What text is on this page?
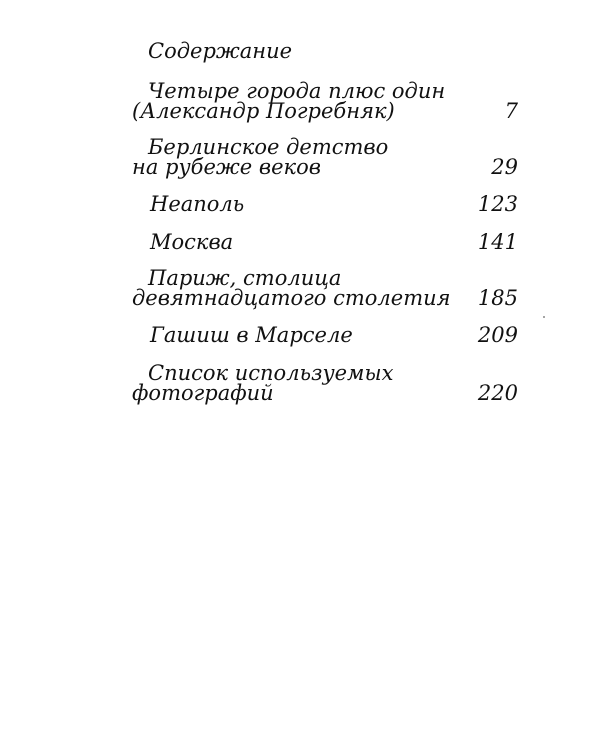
Содержание
Четыре города плюс один
(Александр Погребняк)	7
Берлинское детство
на рубеже веков	29
Неаполь	123
Москва	141
Париж, столица
девятнадцатого столетия 185
Гашиш в Марселе	209
Список используемых
фотографий	220
